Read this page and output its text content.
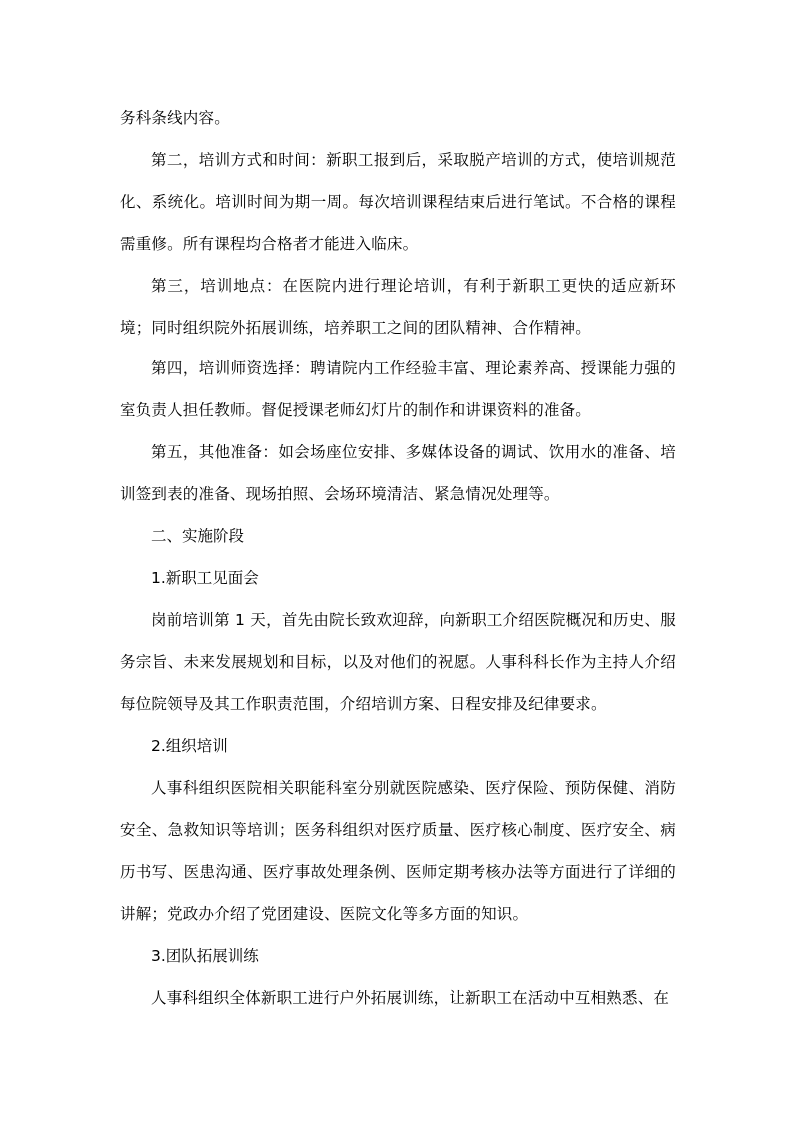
务科条线内容。

第二，培训方式和时间：新职工报到后，采取脱产培训的方式，使培训规范化、系统化。培训时间为期一周。每次培训课程结束后进行笔试。不合格的课程需重修。所有课程均合格者才能进入临床。

第三，培训地点：在医院内进行理论培训，有利于新职工更快的适应新环境；同时组织院外拓展训练，培养职工之间的团队精神、合作精神。

第四，培训师资选择：聘请院内工作经验丰富、理论素养高、授课能力强的室负责人担任教师。督促授课老师幻灯片的制作和讲课资料的准备。

第五，其他准备：如会场座位安排、多媒体设备的调试、饮用水的准备、培训签到表的准备、现场拍照、会场环境清洁、紧急情况处理等。

二、实施阶段

1.新职工见面会

岗前培训第 1 天，首先由院长致欢迎辞，向新职工介绍医院概况和历史、服务宗旨、未来发展规划和目标，以及对他们的祝愿。人事科科长作为主持人介绍每位院领导及其工作职责范围，介绍培训方案、日程安排及纪律要求。

2.组织培训

人事科组织医院相关职能科室分别就医院感染、医疗保险、预防保健、消防安全、急救知识等培训；医务科组织对医疗质量、医疗核心制度、医疗安全、病历书写、医患沟通、医疗事故处理条例、医师定期考核办法等方面进行了详细的讲解；党政办介绍了党团建设、医院文化等多方面的知识。

3.团队拓展训练

人事科组织全体新职工进行户外拓展训练，让新职工在活动中互相熟悉、在
